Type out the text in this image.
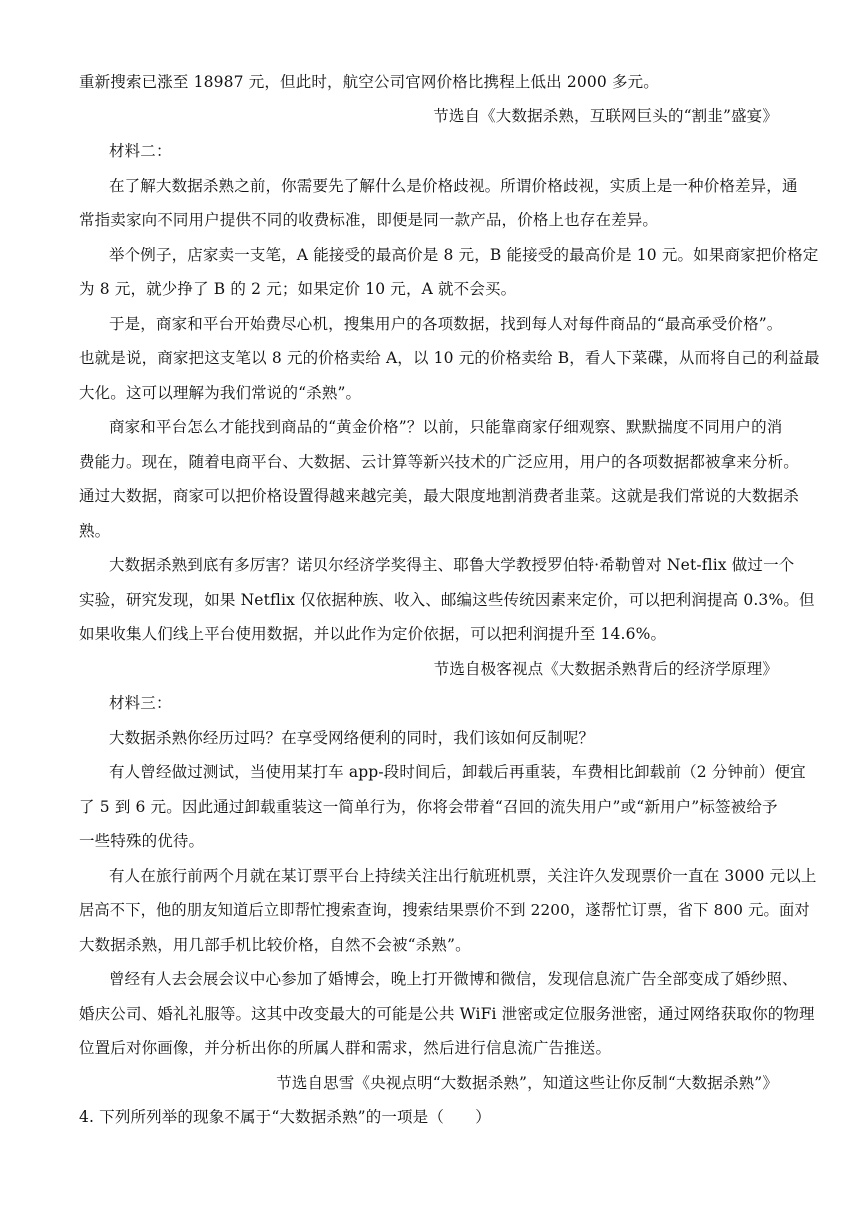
重新搜索已涨至 18987 元，但此时，航空公司官网价格比携程上低出 2000 多元。

节选自《大数据杀熟，互联网巨头的“割韭”盛宴》

材料二：

在了解大数据杀熟之前，你需要先了解什么是价格歧视。所谓价格歧视，实质上是一种价格差异，通

常指卖家向不同用户提供不同的收费标准，即便是同一款产品，价格上也存在差异。

举个例子，店家卖一支笔，A 能接受的最高价是 8 元，B 能接受的最高价是 10 元。如果商家把价格定

为 8 元，就少挣了 B 的 2 元；如果定价 10 元，A 就不会买。

于是，商家和平台开始费尽心机，搜集用户的各项数据，找到每人对每件商品的“最高承受价格”。

也就是说，商家把这支笔以 8 元的价格卖给 A，以 10 元的价格卖给 B，看人下菜碟，从而将自己的利益最

大化。这可以理解为我们常说的“杀熟”。

商家和平台怎么才能找到商品的“黄金价格”？以前，只能靠商家仔细观察、默默揣度不同用户的消

费能力。现在，随着电商平台、大数据、云计算等新兴技术的广泛应用，用户的各项数据都被拿来分析。

通过大数据，商家可以把价格设置得越来越完美，最大限度地割消费者韭菜。这就是我们常说的大数据杀

熟。

大数据杀熟到底有多厉害？诺贝尔经济学奖得主、耶鲁大学教授罗伯特·希勒曾对 Net-flix 做过一个

实验，研究发现，如果 Netflix 仅依据种族、收入、邮编这些传统因素来定价，可以把利润提高 0.3%。但

如果收集人们线上平台使用数据，并以此作为定价依据，可以把利润提升至 14.6%。

节选自极客视点《大数据杀熟背后的经济学原理》

材料三：

大数据杀熟你经历过吗？在享受网络便利的同时，我们该如何反制呢？

有人曾经做过测试，当使用某打车 app-段时间后，卸载后再重装，车费相比卸载前（2 分钟前）便宜

了 5 到 6 元。因此通过卸载重装这一简单行为，你将会带着“召回的流失用户”或“新用户”标签被给予

一些特殊的优待。

有人在旅行前两个月就在某订票平台上持续关注出行航班机票，关注许久发现票价一直在 3000 元以上

居高不下，他的朋友知道后立即帮忙搜索查询，搜索结果票价不到 2200，遂帮忙订票，省下 800 元。面对

大数据杀熟，用几部手机比较价格，自然不会被“杀熟”。

曾经有人去会展会议中心参加了婚博会，晚上打开微博和微信，发现信息流广告全部变成了婚纱照、

婚庆公司、婚礼礼服等。这其中改变最大的可能是公共 WiFi 泄密或定位服务泄密，通过网络获取你的物理

位置后对你画像，并分析出你的所属人群和需求，然后进行信息流广告推送。

节选自思雪《央视点明“大数据杀熟”，知道这些让你反制“大数据杀熟”》

4. 下列所列举的现象不属于“大数据杀熟”的一项是（　　）
